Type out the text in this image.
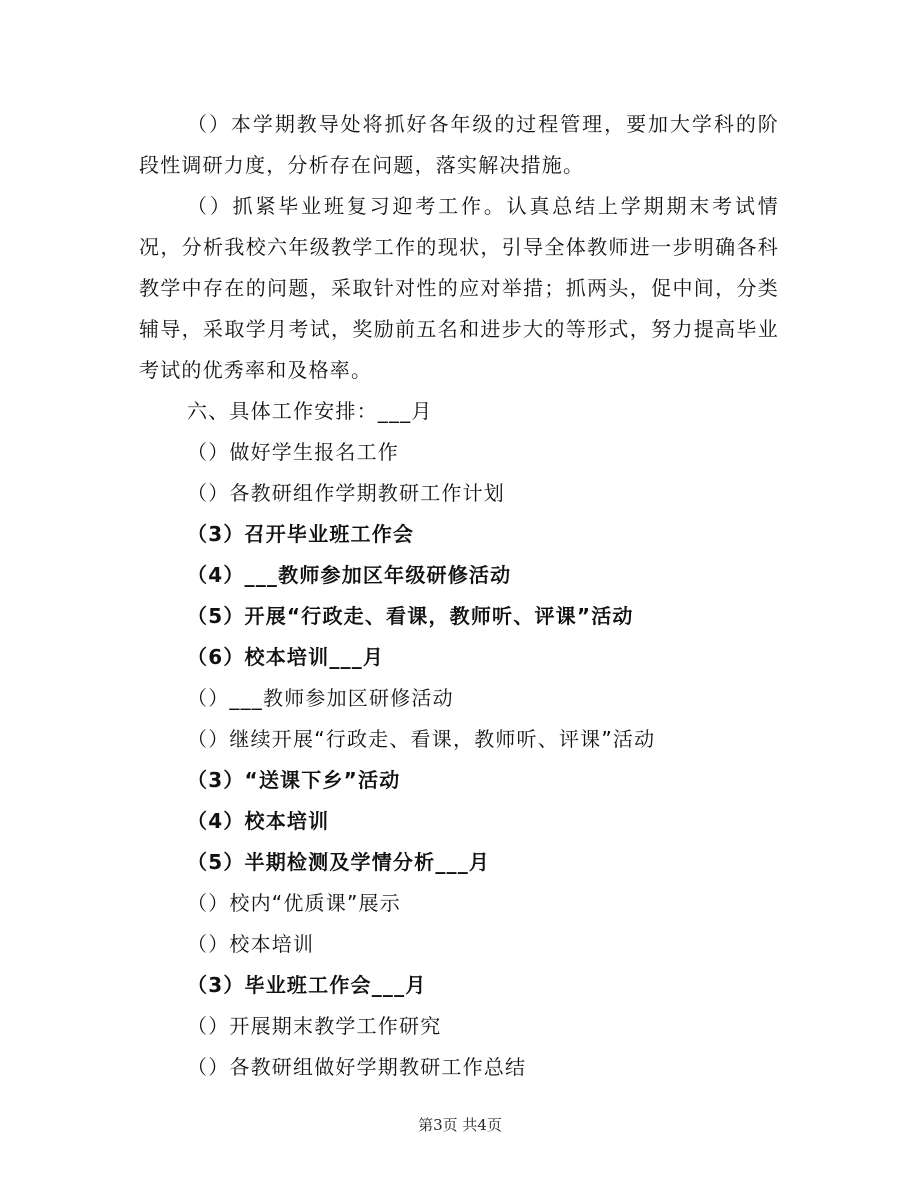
（）本学期教导处将抓好各年级的过程管理，要加大学科的阶段性调研力度，分析存在问题，落实解决措施。

（）抓紧毕业班复习迎考工作。认真总结上学期期末考试情况，分析我校六年级教学工作的现状，引导全体教师进一步明确各科教学中存在的问题，采取针对性的应对举措；抓两头，促中间，分类辅导，采取学月考试，奖励前五名和进步大的等形式，努力提高毕业考试的优秀率和及格率。

六、具体工作安排：___月

（）做好学生报名工作

（）各教研组作学期教研工作计划

（3）召开毕业班工作会

（4）___教师参加区年级研修活动

（5）开展“行政走、看课，教师听、评课”活动

（6）校本培训___月

（）___教师参加区研修活动

（）继续开展“行政走、看课，教师听、评课”活动

（3）“送课下乡”活动

（4）校本培训

（5）半期检测及学情分析___月

（）校内“优质课”展示

（）校本培训

（3）毕业班工作会___月

（）开展期末教学工作研究

（）各教研组做好学期教研工作总结

第3页 共4页
